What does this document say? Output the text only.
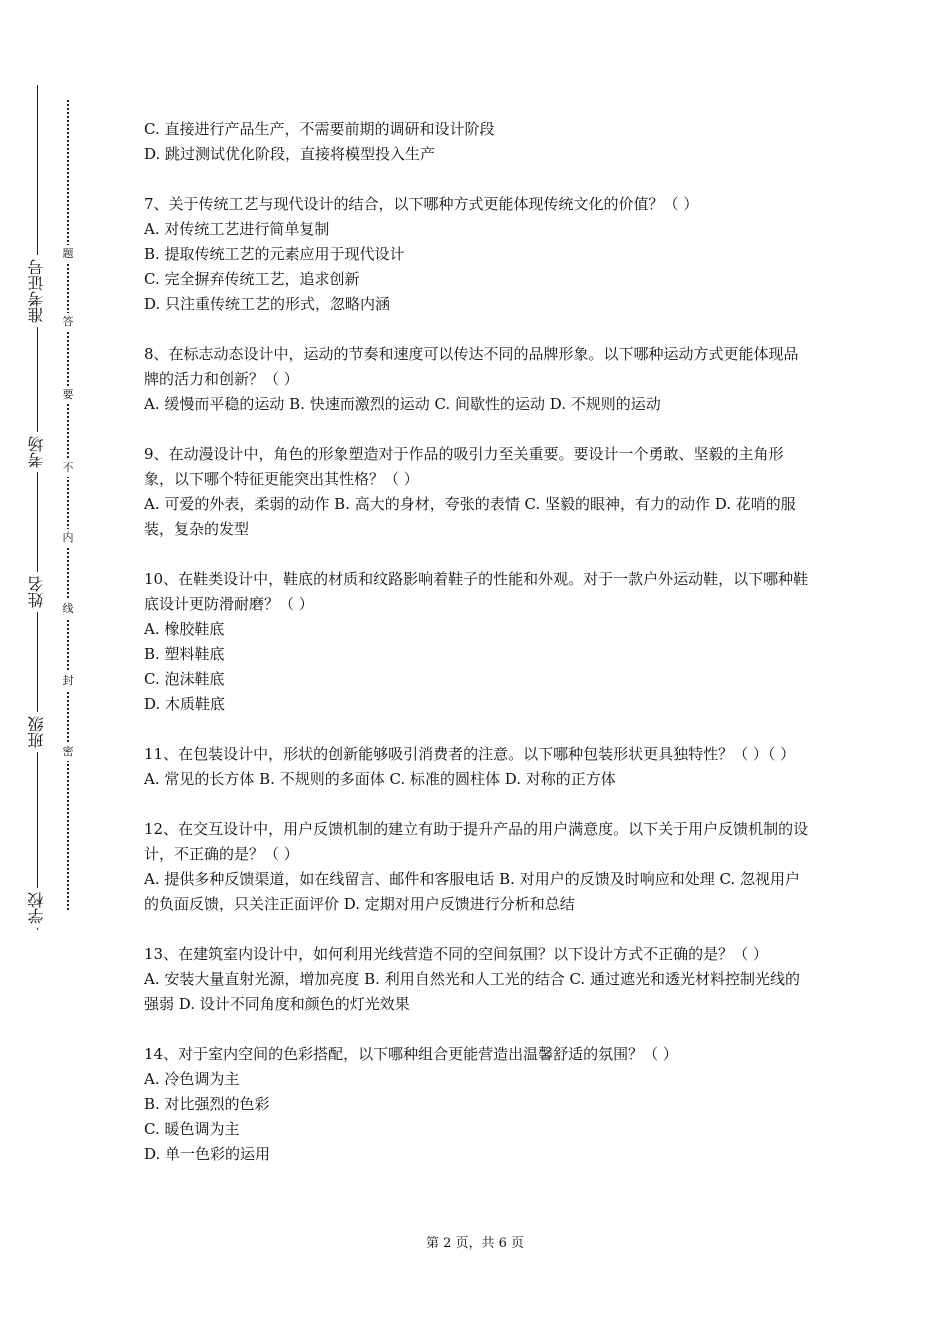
学校
班级
姓名
考场
准考证号
题
答
要
不
内
线
封
密

C. 直接进行产品生产，不需要前期的调研和设计阶段

D. 跳过测试优化阶段，直接将模型投入生产

7、关于传统工艺与现代设计的结合，以下哪种方式更能体现传统文化的价值？（ ）

A. 对传统工艺进行简单复制

B. 提取传统工艺的元素应用于现代设计

C. 完全摒弃传统工艺，追求创新

D. 只注重传统工艺的形式，忽略内涵

8、在标志动态设计中，运动的节奏和速度可以传达不同的品牌形象。以下哪种运动方式更能体现品牌的活力和创新？（ ）

A. 缓慢而平稳的运动 B. 快速而激烈的运动 C. 间歇性的运动 D. 不规则的运动

9、在动漫设计中，角色的形象塑造对于作品的吸引力至关重要。要设计一个勇敢、坚毅的主角形象，以下哪个特征更能突出其性格？（ ）

A. 可爱的外表，柔弱的动作 B. 高大的身材，夸张的表情 C. 坚毅的眼神，有力的动作 D. 花哨的服装，复杂的发型

10、在鞋类设计中，鞋底的材质和纹路影响着鞋子的性能和外观。对于一款户外运动鞋，以下哪种鞋底设计更防滑耐磨？（ ）

A. 橡胶鞋底

B. 塑料鞋底

C. 泡沫鞋底

D. 木质鞋底

11、在包装设计中，形状的创新能够吸引消费者的注意。以下哪种包装形状更具独特性？（ ）（ ）

A. 常见的长方体 B. 不规则的多面体 C. 标准的圆柱体 D. 对称的正方体

12、在交互设计中，用户反馈机制的建立有助于提升产品的用户满意度。以下关于用户反馈机制的设计，不正确的是？（ ）

A. 提供多种反馈渠道，如在线留言、邮件和客服电话 B. 对用户的反馈及时响应和处理 C. 忽视用户的负面反馈，只关注正面评价 D. 定期对用户反馈进行分析和总结

13、在建筑室内设计中，如何利用光线营造不同的空间氛围？以下设计方式不正确的是？（ ）

A. 安装大量直射光源，增加亮度 B. 利用自然光和人工光的结合 C. 通过遮光和透光材料控制光线的强弱 D. 设计不同角度和颜色的灯光效果

14、对于室内空间的色彩搭配，以下哪种组合更能营造出温馨舒适的氛围？（ ）

A. 冷色调为主

B. 对比强烈的色彩

C. 暖色调为主

D. 单一色彩的运用

第 2 页，共 6 页
